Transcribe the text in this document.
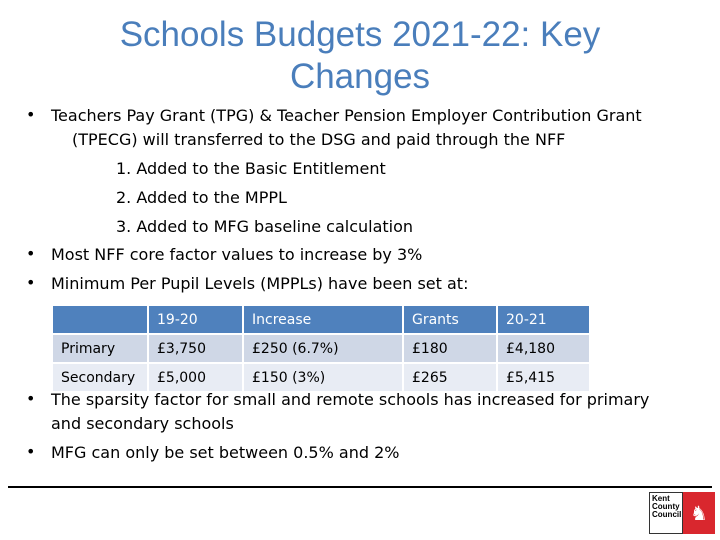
Schools Budgets 2021-22: Key Changes
• Teachers Pay Grant (TPG) & Teacher Pension Employer Contribution Grant
(TPECG) will transferred to the DSG and paid through the NFF
1. Added to the Basic Entitlement
2. Added to the MPPL
3. Added to MFG baseline calculation
• Most NFF core factor values to increase by 3%
• Minimum Per Pupil Levels (MPPLs) have been set at:
	19-20	Increase	Grants	20-21
Primary	£3,750	£250 (6.7%)	£180	£4,180
Secondary	£5,000	£150 (3%)	£265	£5,415
• The sparsity factor for small and remote schools has increased for primary
and secondary schools
• MFG can only be set between 0.5% and 2%
Kent
County
Council ♞
